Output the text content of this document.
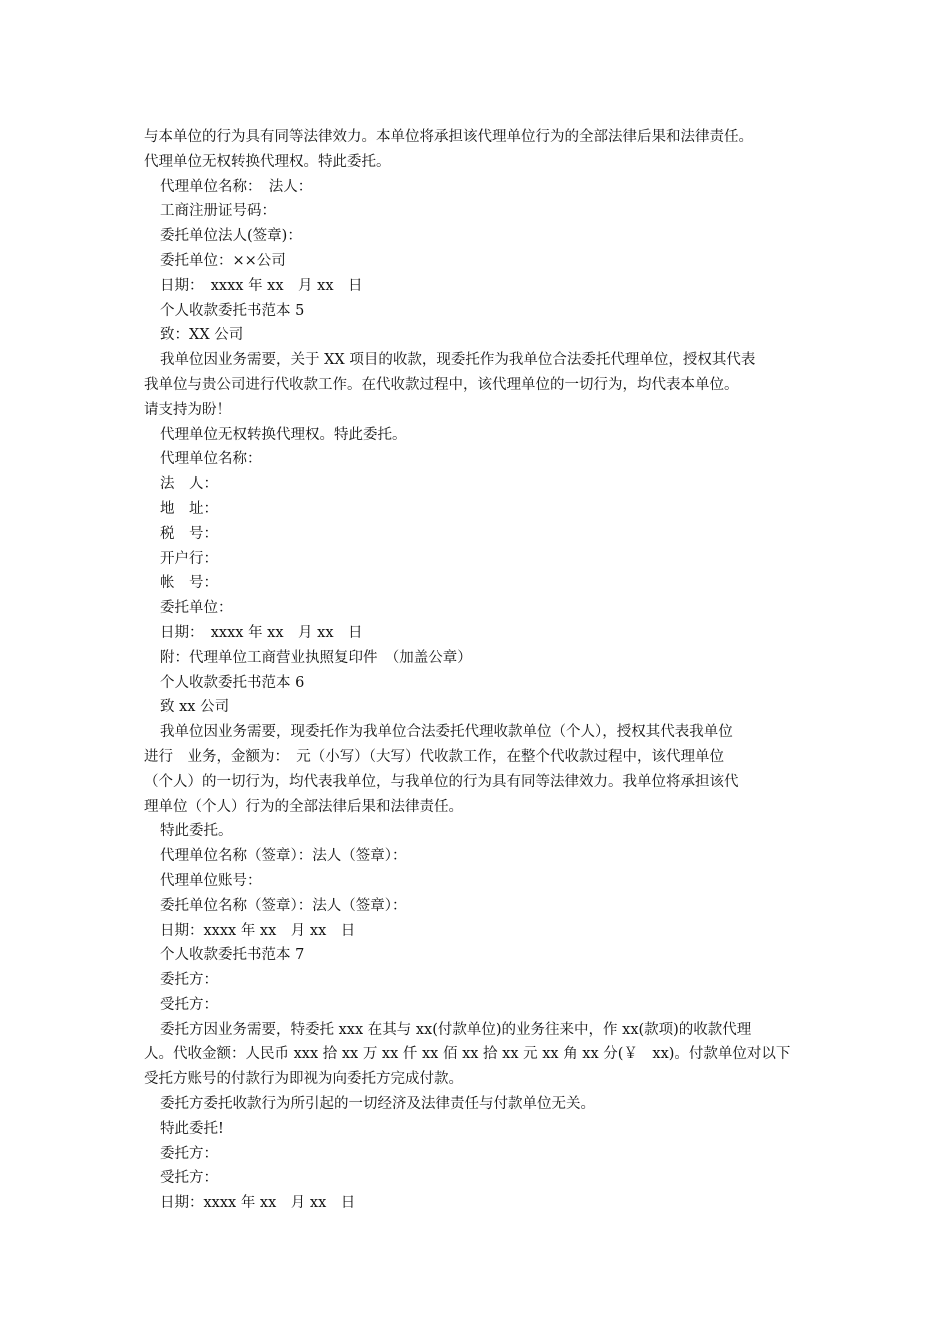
与本单位的行为具有同等法律效力。本单位将承担该代理单位行为的全部法律后果和法律责任。
代理单位无权转换代理权。特此委托。
代理单位名称：　法人：
工商注册证号码：
委托单位法人(签章)：
委托单位：××公司
日期：　xxxx 年 xx　月 xx　日
个人收款委托书范本 5
致：XX 公司
我单位因业务需要，关于 XX 项目的收款，现委托作为我单位合法委托代理单位，授权其代表
我单位与贵公司进行代收款工作。在代收款过程中，该代理单位的一切行为，均代表本单位。
请支持为盼！
代理单位无权转换代理权。特此委托。
代理单位名称：
法　人：
地　址：
税　号：
开户行：
帐　号：
委托单位：
日期：　xxxx 年 xx　月 xx　日
附：代理单位工商营业执照复印件　（加盖公章）
个人收款委托书范本 6
致 xx 公司
我单位因业务需要，现委托作为我单位合法委托代理收款单位（个人），授权其代表我单位
进行　业务，金额为：　元（小写）（大写）代收款工作，在整个代收款过程中，该代理单位
（个人）的一切行为，均代表我单位，与我单位的行为具有同等法律效力。我单位将承担该代
理单位（个人）行为的全部法律后果和法律责任。
特此委托。
代理单位名称（签章）：法人（签章）：
代理单位账号：
委托单位名称（签章）：法人（签章）：
日期：xxxx 年 xx　月 xx　日
个人收款委托书范本 7
委托方：
受托方：
委托方因业务需要，特委托 xxx 在其与 xx(付款单位)的业务往来中，作 xx(款项)的收款代理
人。代收金额：人民币 xxx 拾 xx 万 xx 仟 xx 佰 xx 拾 xx 元 xx 角 xx 分(￥　xx)。付款单位对以下
受托方账号的付款行为即视为向委托方完成付款。
委托方委托收款行为所引起的一切经济及法律责任与付款单位无关。
特此委托!
委托方：
受托方：
日期：xxxx 年 xx　月 xx　日
